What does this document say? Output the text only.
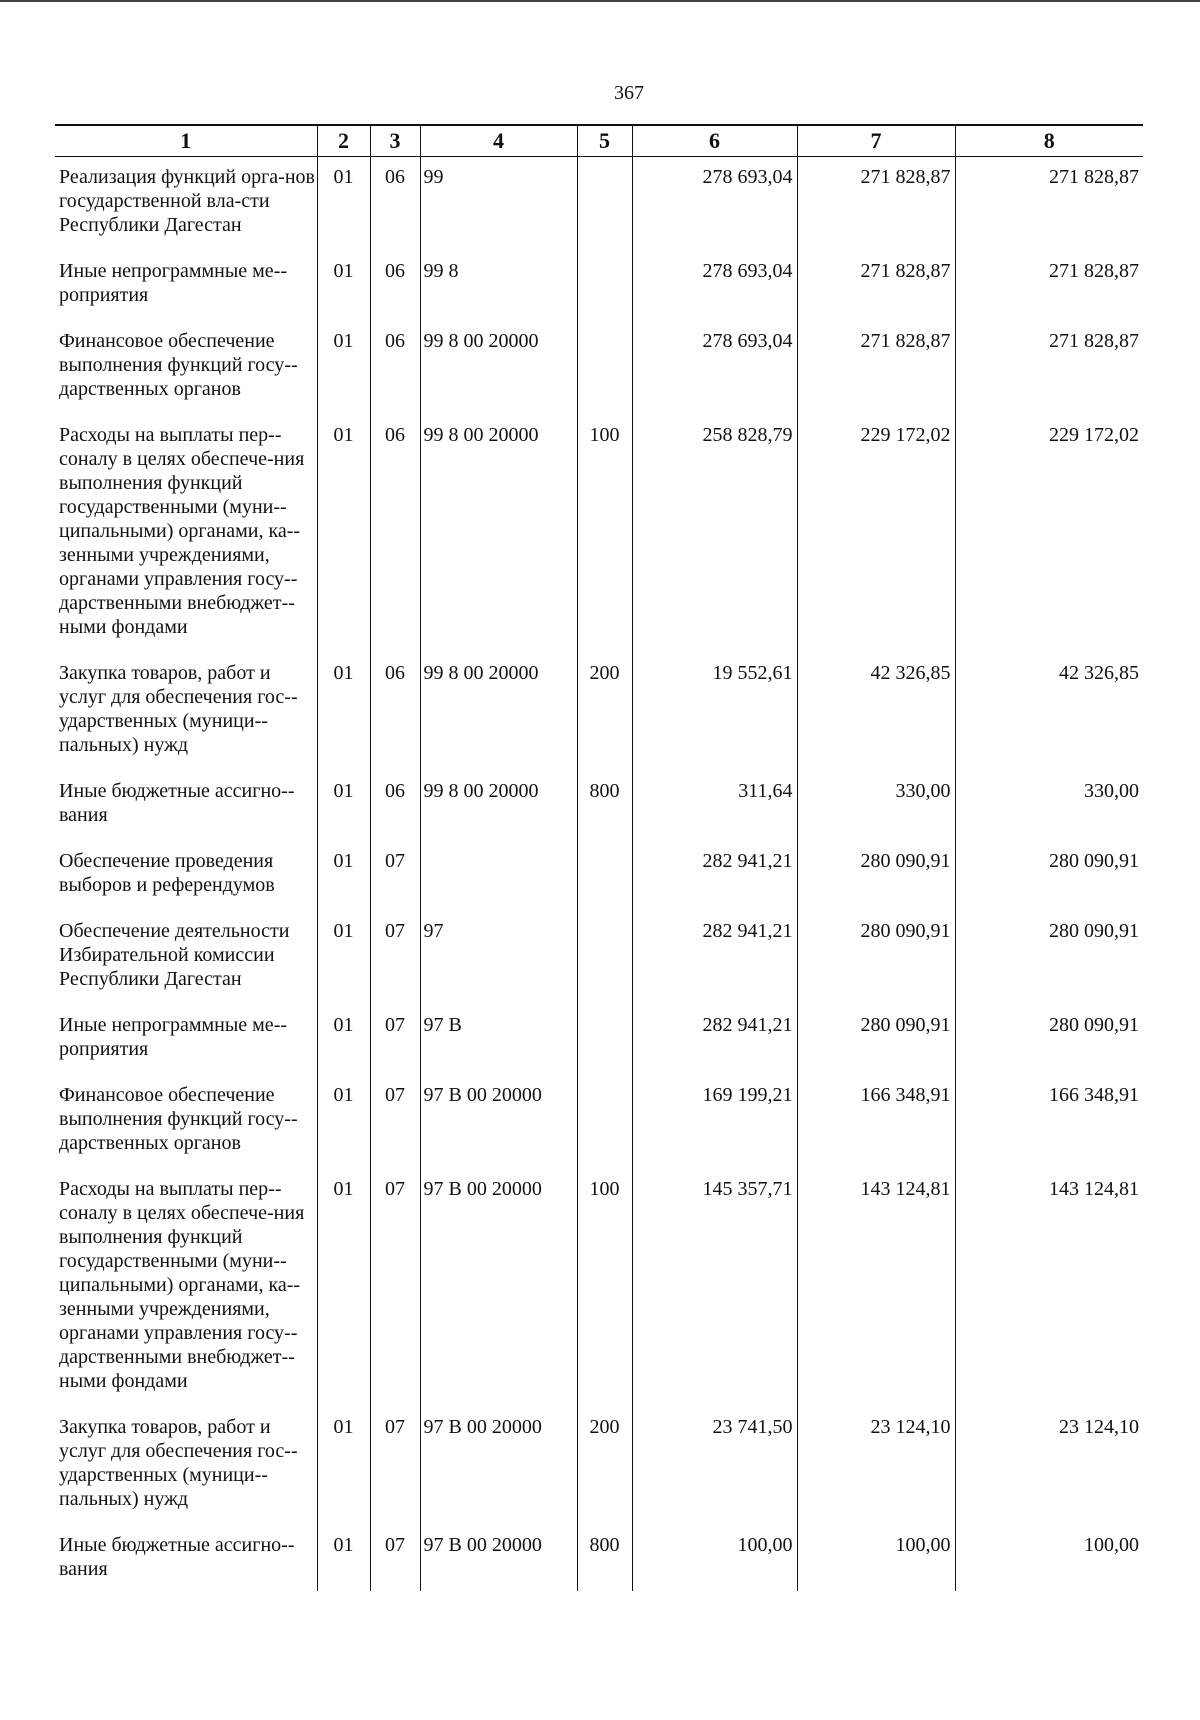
367
1	2	3	4	5	6	7	8

Реализация функций орга-нов государственной вла-сти Республики Дагестан	01	06	99		278 693,04	271 828,87	271 828,87

Иные непрограммные ме-роприятия	01	06	99 8		278 693,04	271 828,87	271 828,87

Финансовое обеспечение выполнения функций госу-дарственных органов	01	06	99 8 00 20000		278 693,04	271 828,87	271 828,87

Расходы на выплаты пер-соналу в целях обеспече-ния выполнения функций государственными (муни-ципальными) органами, ка-зенными учреждениями, органами управления госу-дарственными внебюджет-ными фондами	01	06	99 8 00 20000	100	258 828,79	229 172,02	229 172,02

Закупка товаров, работ и услуг для обеспечения гос-ударственных (муници-пальных) нужд	01	06	99 8 00 20000	200	19 552,61	42 326,85	42 326,85

Иные бюджетные ассигно-вания	01	06	99 8 00 20000	800	311,64	330,00	330,00

Обеспечение проведения выборов и референдумов	01	07			282 941,21	280 090,91	280 090,91

Обеспечение деятельности Избирательной комиссии Республики Дагестан	01	07	97		282 941,21	280 090,91	280 090,91

Иные непрограммные ме-роприятия	01	07	97 В		282 941,21	280 090,91	280 090,91

Финансовое обеспечение выполнения функций госу-дарственных органов	01	07	97 В 00 20000		169 199,21	166 348,91	166 348,91

Расходы на выплаты пер-соналу в целях обеспече-ния выполнения функций государственными (муни-ципальными) органами, ка-зенными учреждениями, органами управления госу-дарственными внебюджет-ными фондами	01	07	97 В 00 20000	100	145 357,71	143 124,81	143 124,81

Закупка товаров, работ и услуг для обеспечения гос-ударственных (муници-пальных) нужд	01	07	97 В 00 20000	200	23 741,50	23 124,10	23 124,10

Иные бюджетные ассигно-вания	01	07	97 В 00 20000	800	100,00	100,00	100,00
